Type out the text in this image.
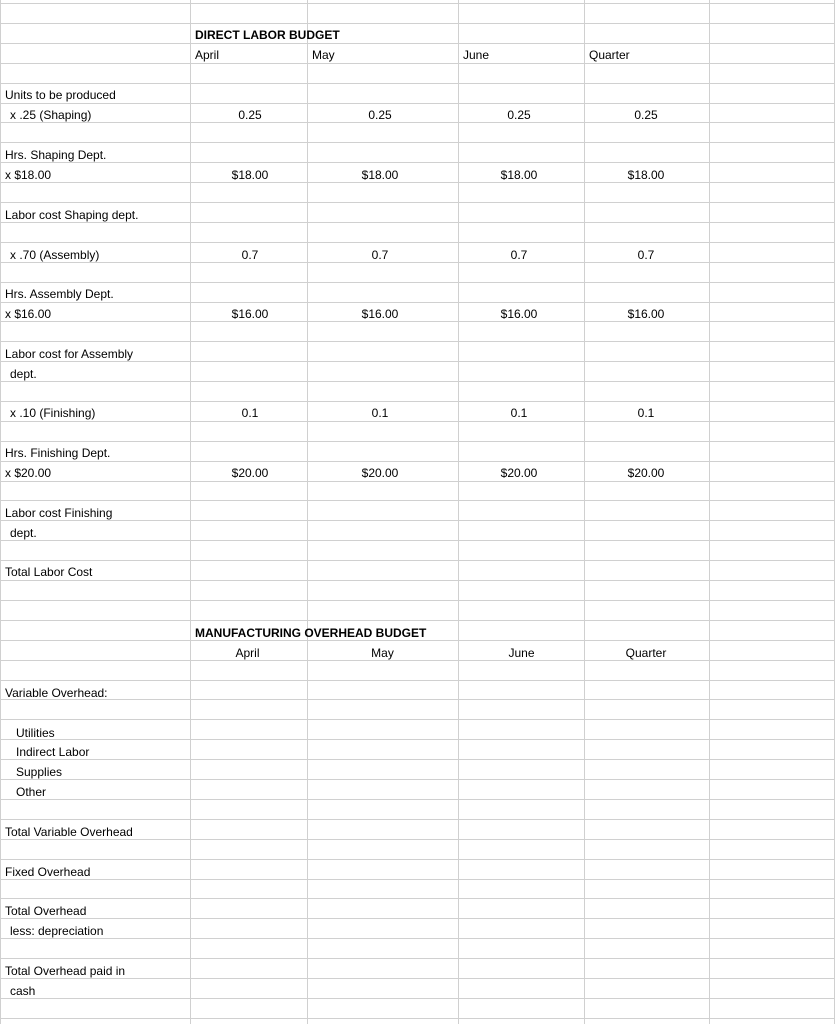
DIRECT LABOR BUDGET
April	May	June	Quarter
Units to be produced
x .25 (Shaping)	0.25	0.25	0.25	0.25
Hrs. Shaping Dept.
x $18.00	$18.00	$18.00	$18.00	$18.00
Labor cost Shaping dept.
x .70 (Assembly)	0.7	0.7	0.7	0.7
Hrs. Assembly Dept.
x $16.00	$16.00	$16.00	$16.00	$16.00
Labor cost for Assembly
dept.
x .10 (Finishing)	0.1	0.1	0.1	0.1
Hrs. Finishing Dept.
x $20.00	$20.00	$20.00	$20.00	$20.00
Labor cost Finishing
dept.
Total Labor Cost
MANUFACTURING OVERHEAD BUDGET
April	May	June	Quarter
Variable Overhead:
Utilities
Indirect Labor
Supplies
Other
Total Variable Overhead
Fixed Overhead
Total Overhead
less: depreciation
Total Overhead paid in
cash
